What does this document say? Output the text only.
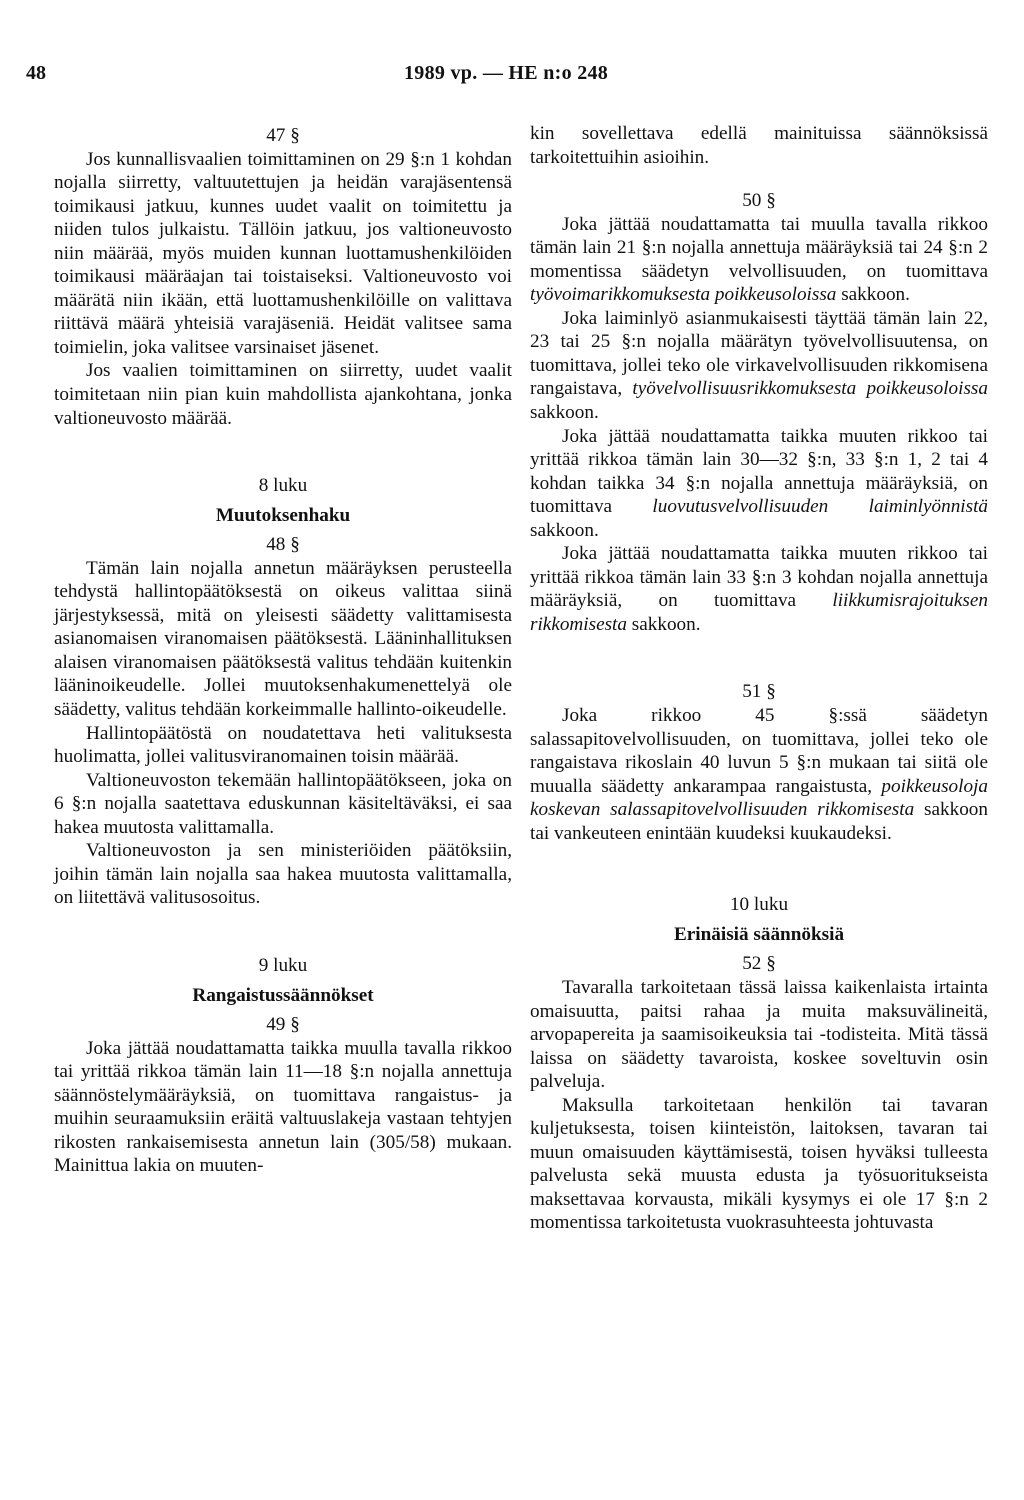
48	1989 vp. — HE n:o 248

47 §

Jos kunnallisvaalien toimittaminen on 29 §:n 1 kohdan nojalla siirretty, valtuutettujen ja heidän varajäsentensä toimikausi jatkuu, kunnes uudet vaalit on toimitettu ja niiden tulos julkaistu. Tällöin jatkuu, jos valtioneuvosto niin määrää, myös muiden kunnan luottamushenkilöiden toimikausi määräajan tai toistaiseksi. Valtioneuvosto voi määrätä niin ikään, että luottamushenkilöille on valittava riittävä määrä yhteisiä varajäseniä. Heidät valitsee sama toimielin, joka valitsee varsinaiset jäsenet.

Jos vaalien toimittaminen on siirretty, uudet vaalit toimitetaan niin pian kuin mahdollista ajankohtana, jonka valtioneuvosto määrää.

8 luku

Muutoksenhaku

48 §

Tämän lain nojalla annetun määräyksen perusteella tehdystä hallintopäätöksestä on oikeus valittaa siinä järjestyksessä, mitä on yleisesti säädetty valittamisesta asianomaisen viranomaisen päätöksestä. Lääninhallituksen alaisen viranomaisen päätöksestä valitus tehdään kuitenkin lääninoikeudelle. Jollei muutoksenhakumenettelyä ole säädetty, valitus tehdään korkeimmalle hallinto-oikeudelle.

Hallintopäätöstä on noudatettava heti valituksesta huolimatta, jollei valitusviranomainen toisin määrää.

Valtioneuvoston tekemään hallintopäätökseen, joka on 6 §:n nojalla saatettava eduskunnan käsiteltäväksi, ei saa hakea muutosta valittamalla.

Valtioneuvoston ja sen ministeriöiden päätöksiin, joihin tämän lain nojalla saa hakea muutosta valittamalla, on liitettävä valitusosoitus.

9 luku

Rangaistussäännökset

49 §

Joka jättää noudattamatta taikka muulla tavalla rikkoo tai yrittää rikkoa tämän lain 11—18 §:n nojalla annettuja säännöstelymääräyksiä, on tuomittava rangaistus- ja muihin seuraamuksiin eräitä valtuuslakeja vastaan tehtyjen rikosten rankaisemisesta annetun lain (305/58) mukaan. Mainittua lakia on muuten-

kin sovellettava edellä mainituissa säännöksissä tarkoitettuihin asioihin.

50 §

Joka jättää noudattamatta tai muulla tavalla rikkoo tämän lain 21 §:n nojalla annettuja määräyksiä tai 24 §:n 2 momentissa säädetyn velvollisuuden, on tuomittava työvoimarikkomuksesta poikkeusoloissa sakkoon.

Joka laiminlyö asianmukaisesti täyttää tämän lain 22, 23 tai 25 §:n nojalla määrätyn työvelvollisuutensa, on tuomittava, jollei teko ole virkavelvollisuuden rikkomisena rangaistava, työvelvollisuusrikkomuksesta poikkeusoloissa sakkoon.

Joka jättää noudattamatta taikka muuten rikkoo tai yrittää rikkoa tämän lain 30—32 §:n, 33 §:n 1, 2 tai 4 kohdan taikka 34 §:n nojalla annettuja määräyksiä, on tuomittava luovutusvelvollisuuden laiminlyönnistä sakkoon.

Joka jättää noudattamatta taikka muuten rikkoo tai yrittää rikkoa tämän lain 33 §:n 3 kohdan nojalla annettuja määräyksiä, on tuomittava liikkumisrajoituksen rikkomisesta sakkoon.

51 §

Joka rikkoo 45 §:ssä säädetyn salassapitovelvollisuuden, on tuomittava, jollei teko ole rangaistava rikoslain 40 luvun 5 §:n mukaan tai siitä ole muualla säädetty ankarampaa rangaistusta, poikkeusoloja koskevan salassapitovelvollisuuden rikkomisesta sakkoon tai vankeuteen enintään kuudeksi kuukaudeksi.

10 luku

Erinäisiä säännöksiä

52 §

Tavaralla tarkoitetaan tässä laissa kaikenlaista irtainta omaisuutta, paitsi rahaa ja muita maksuvälineitä, arvopapereita ja saamisoikeuksia tai -todisteita. Mitä tässä laissa on säädetty tavaroista, koskee soveltuvin osin palveluja.

Maksulla tarkoitetaan henkilön tai tavaran kuljetuksesta, toisen kiinteistön, laitoksen, tavaran tai muun omaisuuden käyttämisestä, toisen hyväksi tulleesta palvelusta sekä muusta edusta ja työsuoritukseista maksettavaa korvausta, mikäli kysymys ei ole 17 §:n 2 momentissa tarkoitetusta vuokrasuhteesta johtuvasta
